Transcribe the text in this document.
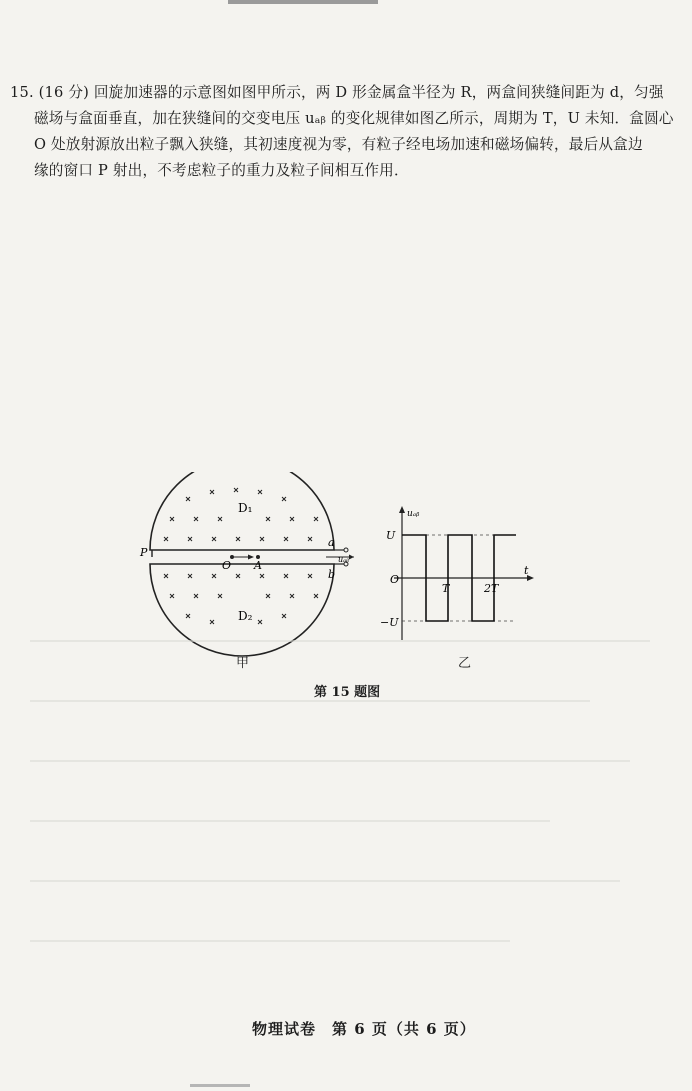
15. (16 分) 回旋加速器的示意图如图甲所示，两 D 形金属盒半径为 R，两盒间狭缝间距为 d，匀强
磁场与盒面垂直，加在狭缝间的交变电压 uₐᵦ 的变化规律如图乙所示，周期为 T，U 未知．盒圆心
O 处放射源放出粒子飘入狭缝，其初速度视为零，有粒子经电场加速和磁场偏转，最后从盒边
缘的窗口 P 射出，不考虑粒子的重力及粒子间相互作用．
D₁
D₂
O A
P
a
b
uₐᵦ
甲
uₐᵦ
t
U
−U
O
T	2T
乙
第 15 题图
物理试卷　第 6 页（共 6 页）
